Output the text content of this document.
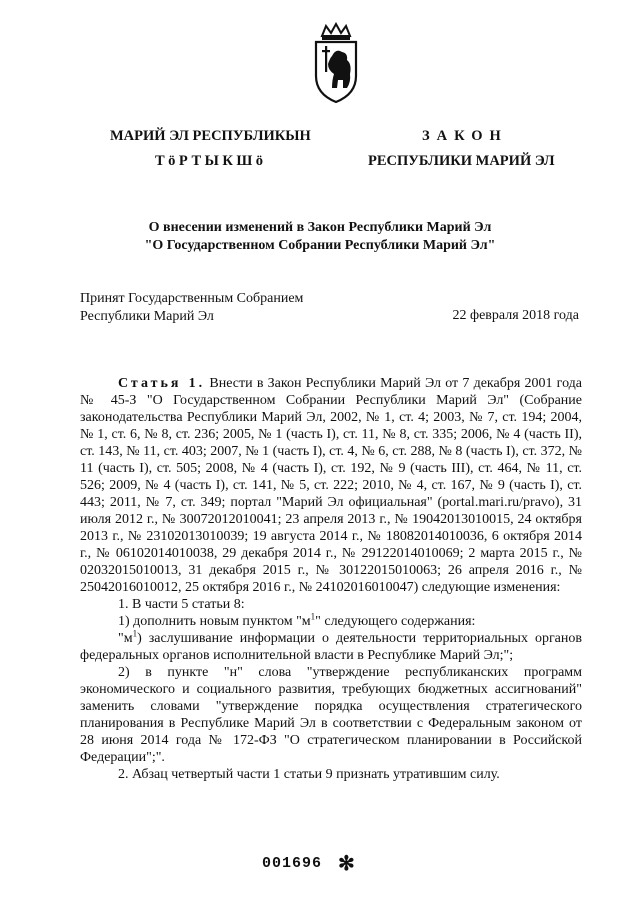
МАРИЙ ЭЛ РЕСПУБЛИКЫН
ТӧРТЫКШӧ
ЗАКОН
РЕСПУБЛИКИ МАРИЙ ЭЛ
О внесении изменений в Закон Республики Марий Эл
"О Государственном Собрании Республики Марий Эл"
Принят Государственным Собранием
Республики Марий Эл	22 февраля 2018 года

Статья 1. Внести в Закон Республики Марий Эл от 7 декабря 2001 года № 45-З "О Государственном Собрании Республики Марий Эл" (Собрание законодательства Республики Марий Эл, 2002, № 1, ст. 4; 2003, № 7, ст. 194; 2004, № 1, ст. 6, № 8, ст. 236; 2005, № 1 (часть I), ст. 11, № 8, ст. 335; 2006, № 4 (часть II), ст. 143, № 11, ст. 403; 2007, № 1 (часть I), ст. 4, № 6, ст. 288, № 8 (часть I), ст. 372, № 11 (часть I), ст. 505; 2008, № 4 (часть I), ст. 192, № 9 (часть III), ст. 464, № 11, ст. 526; 2009, № 4 (часть I), ст. 141, № 5, ст. 222; 2010, № 4, ст. 167, № 9 (часть I), ст. 443; 2011, № 7, ст. 349; портал "Марий Эл официальная" (portal.mari.ru/pravo), 31 июля 2012 г., № 30072012010041; 23 апреля 2013 г., № 19042013010015, 24 октября 2013 г., № 23102013010039; 19 августа 2014 г., № 18082014010036, 6 октября 2014 г., № 06102014010038, 29 декабря 2014 г., № 29122014010069; 2 марта 2015 г., № 02032015010013, 31 декабря 2015 г., № 30122015010063; 26 апреля 2016 г., № 25042016010012, 25 октября 2016 г., № 24102016010047) следующие изменения:

1. В части 5 статьи 8:

1) дополнить новым пунктом "$м^1$" следующего содержания:

"$м^1$) заслушивание информации о деятельности территориальных органов федеральных органов исполнительной власти в Республике Марий Эл;";

2) в пункте "н" слова "утверждение республиканских программ экономического и социального развития, требующих бюджетных ассигнований" заменить словами "утверждение порядка осуществления стратегического планирования в Республике Марий Эл в соответствии с Федеральным законом от 28 июня 2014 года № 172-ФЗ "О стратегическом планировании в Российской Федерации";".

2. Абзац четвертый части 1 статьи 9 признать утратившим силу.

001696 ✻
